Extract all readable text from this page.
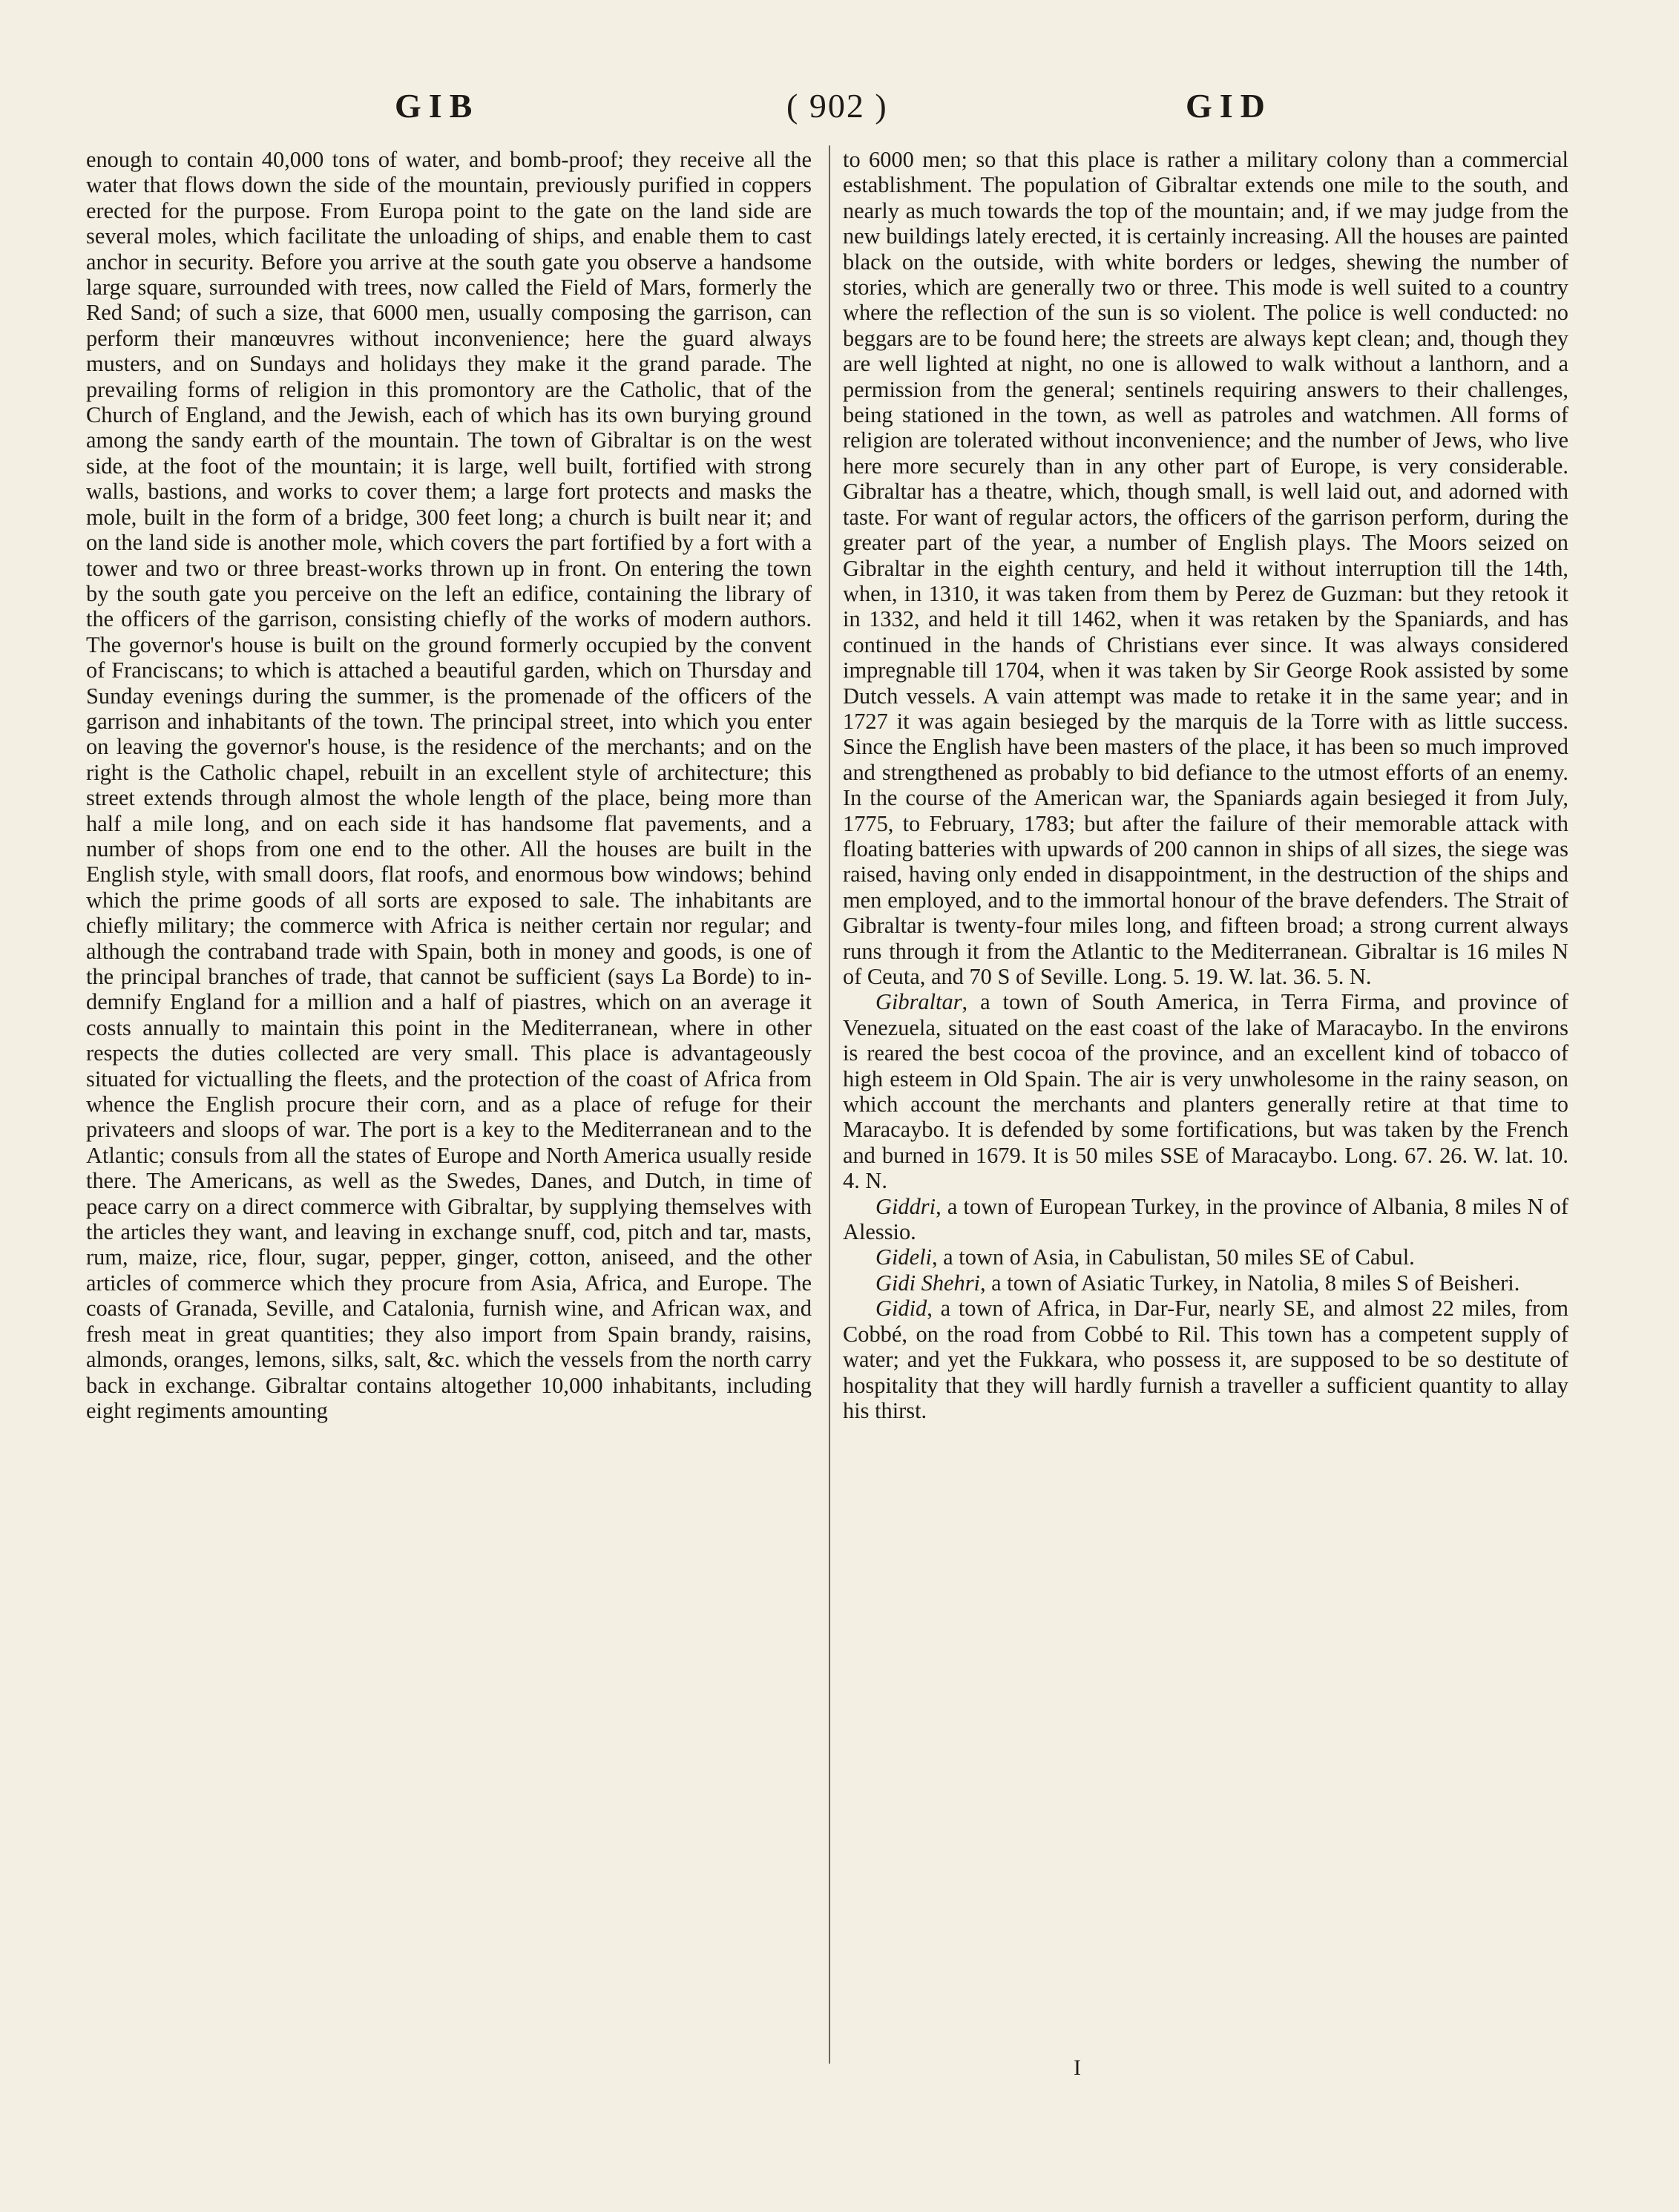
GIB	( 902 )	GID

enough to contain 40,000 tons of water, and bomb-proof; they receive all the water that flows down the side of the mountain, previously purified in coppers erected for the purpose. From Europa point to the gate on the land side are several moles, which facilitate the unloading of ships, and enable them to cast anchor in security. Before you arrive at the south gate you observe a handsome large square, surrounded with trees, now called the Field of Mars, formerly the Red Sand; of such a size, that 6000 men, usually composing the garrison, can perform their manœuvres without inconvenience; here the guard always musters, and on Sundays and holidays they make it the grand parade. The prevailing forms of religion in this promontory are the Catholic, that of the Church of England, and the Jewish, each of which has its own burying ground among the sandy earth of the mountain. The town of Gibraltar is on the west side, at the foot of the mountain; it is large, well built, fortified with strong walls, bastions, and works to cover them; a large fort protects and masks the mole, built in the form of a bridge, 300 feet long; a church is built near it; and on the land side is another mole, which covers the part fortified by a fort with a tower and two or three breast-works thrown up in front. On entering the town by the south gate you perceive on the left an edifice, containing the library of the officers of the garrison, consisting chiefly of the works of modern authors. The governor's house is built on the ground formerly occupied by the convent of Franciscans; to which is attached a beautiful garden, which on Thursday and Sunday evenings during the summer, is the promenade of the officers of the garrison and inhabitants of the town. The principal street, into which you enter on leaving the governor's house, is the residence of the merchants; and on the right is the Catholic chapel, rebuilt in an excellent style of architecture; this street extends through almost the whole length of the place, being more than half a mile long, and on each side it has handsome flat pavements, and a number of shops from one end to the other. All the houses are built in the English style, with small doors, flat roofs, and enormous bow windows; behind which the prime goods of all sorts are exposed to sale. The inhabitants are chiefly military; the commerce with Africa is neither certain nor regular; and although the contraband trade with Spain, both in money and goods, is one of the principal branches of trade, that cannot be sufficient (says La Borde) to indemnify England for a million and a half of piastres, which on an average it costs annually to maintain this point in the Mediterranean, where in other respects the duties collected are very small. This place is advantageously situated for victualling the fleets, and the protection of the coast of Africa from whence the English procure their corn, and as a place of refuge for their privateers and sloops of war. The port is a key to the Mediterranean and to the Atlantic; consuls from all the states of Europe and North America usually reside there. The Americans, as well as the Swedes, Danes, and Dutch, in time of peace carry on a direct commerce with Gibraltar, by supplying themselves with the articles they want, and leaving in exchange snuff, cod, pitch and tar, masts, rum, maize, rice, flour, sugar, pepper, ginger, cotton, aniseed, and the other articles of commerce which they procure from Asia, Africa, and Europe. The coasts of Granada, Seville, and Catalonia, furnish wine, and African wax, and fresh meat in great quantities; they also import from Spain brandy, raisins, almonds, oranges, lemons, silks, salt, &c. which the vessels from the north carry back in exchange. Gibraltar contains altogether 10,000 inhabitants, including eight regiments amounting

to 6000 men; so that this place is rather a military colony than a commercial establishment. The population of Gibraltar extends one mile to the south, and nearly as much towards the top of the mountain; and, if we may judge from the new buildings lately erected, it is certainly increasing. All the houses are painted black on the outside, with white borders or ledges, shewing the number of stories, which are generally two or three. This mode is well suited to a country where the reflection of the sun is so violent. The police is well conducted: no beggars are to be found here; the streets are always kept clean; and, though they are well lighted at night, no one is allowed to walk without a lanthorn, and a permission from the general; sentinels requiring answers to their challenges, being stationed in the town, as well as patroles and watchmen. All forms of religion are tolerated without inconvenience; and the number of Jews, who live here more securely than in any other part of Europe, is very considerable. Gibraltar has a theatre, which, though small, is well laid out, and adorned with taste. For want of regular actors, the officers of the garrison perform, during the greater part of the year, a number of English plays. The Moors seized on Gibraltar in the eighth century, and held it without interruption till the 14th, when, in 1310, it was taken from them by Perez de Guzman: but they retook it in 1332, and held it till 1462, when it was retaken by the Spaniards, and has continued in the hands of Christians ever since. It was always considered impregnable till 1704, when it was taken by Sir George Rook assisted by some Dutch vessels. A vain attempt was made to retake it in the same year; and in 1727 it was again besieged by the marquis de la Torre with as little success. Since the English have been masters of the place, it has been so much improved and strengthened as probably to bid defiance to the utmost efforts of an enemy. In the course of the American war, the Spaniards again besieged it from July, 1775, to February, 1783; but after the failure of their memorable attack with floating batteries with upwards of 200 cannon in ships of all sizes, the siege was raised, having only ended in disappointment, in the destruction of the ships and men employed, and to the immortal honour of the brave defenders. The Strait of Gibraltar is twenty-four miles long, and fifteen broad; a strong current always runs through it from the Atlantic to the Mediterranean. Gibraltar is 16 miles N of Ceuta, and 70 S of Seville. Long. 5. 19. W. lat. 36. 5. N.

Gibraltar, a town of South America, in Terra Firma, and province of Venezuela, situated on the east coast of the lake of Maracaybo. In the environs is reared the best cocoa of the province, and an excellent kind of tobacco of high esteem in Old Spain. The air is very unwholesome in the rainy season, on which account the merchants and planters generally retire at that time to Maracaybo. It is defended by some fortifications, but was taken by the French and burned in 1679. It is 50 miles SSE of Maracaybo. Long. 67. 26. W. lat. 10. 4. N.

Giddri, a town of European Turkey, in the province of Albania, 8 miles N of Alessio.

Gideli, a town of Asia, in Cabulistan, 50 miles SE of Cabul.

Gidi Shehri, a town of Asiatic Turkey, in Natolia, 8 miles S of Beisheri.

Gidid, a town of Africa, in Dar-Fur, nearly SE, and almost 22 miles, from Cobbé, on the road from Cobbé to Ril. This town has a competent supply of water; and yet the Fukkara, who possess it, are supposed to be so destitute of hospitality that they will hardly furnish a traveller a sufficient quantity to allay his thirst.

I
